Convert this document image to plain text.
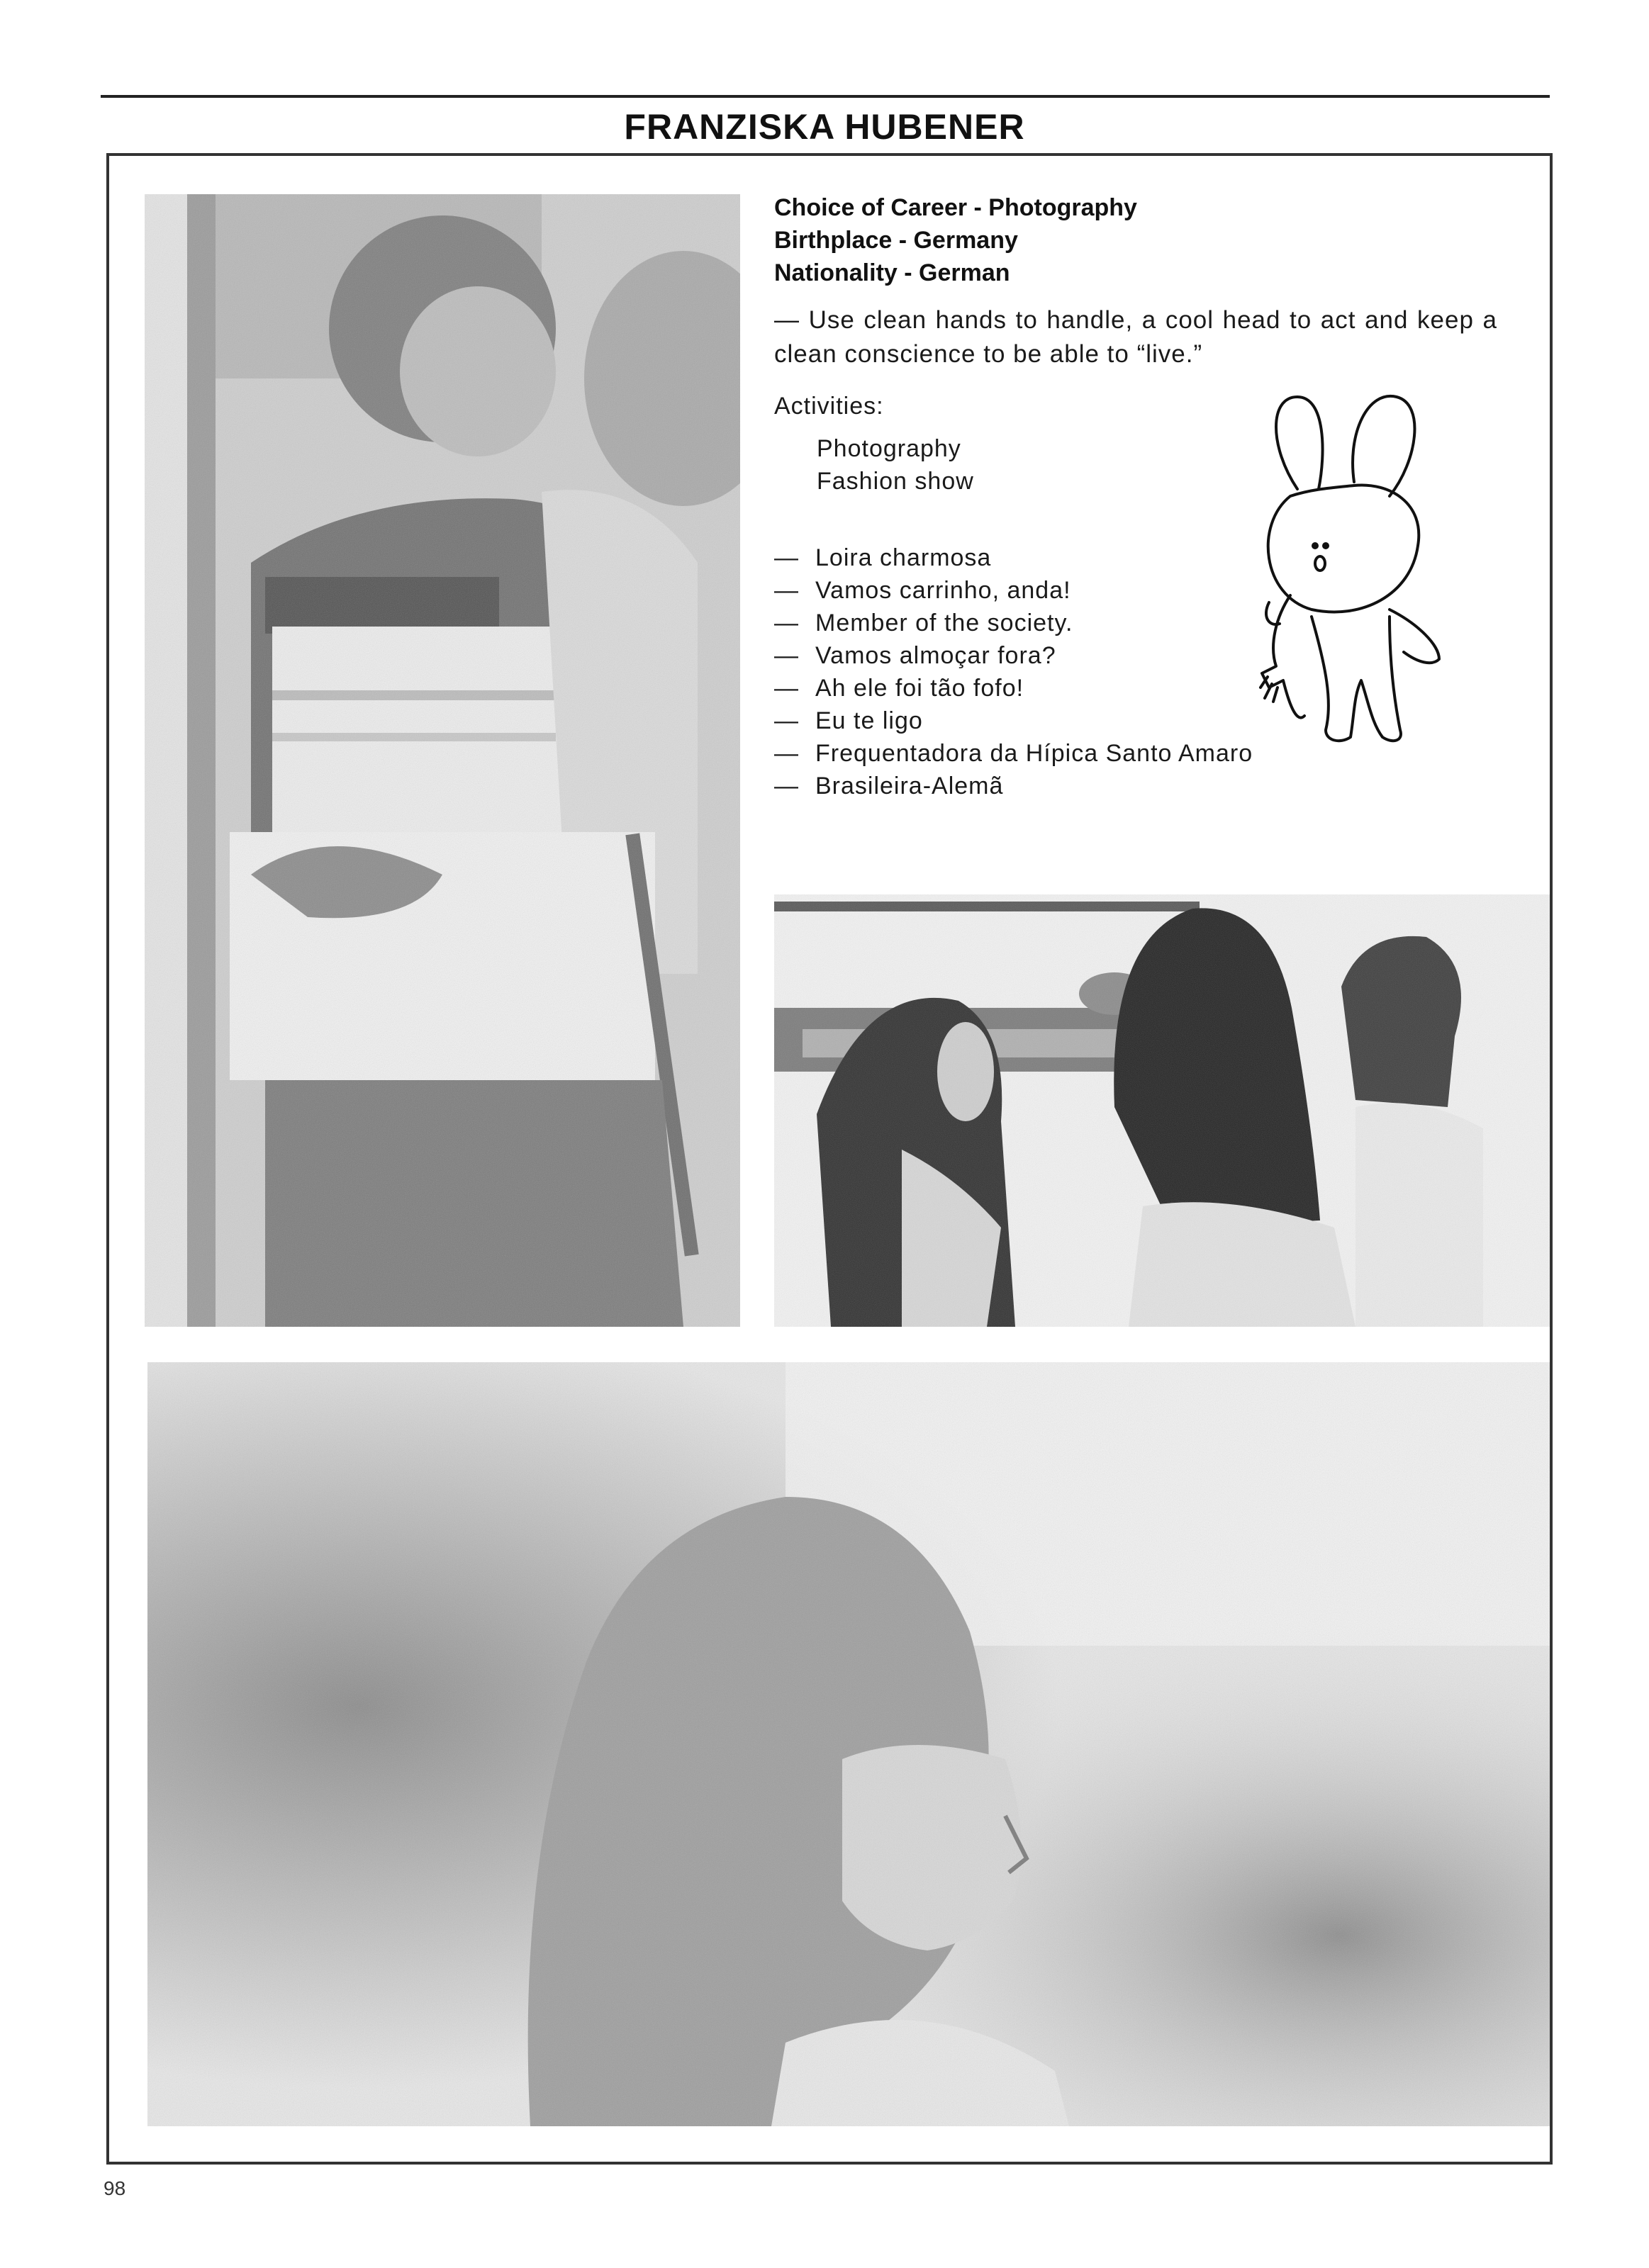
FRANZISKA HUBENER
Choice of Career - Photography
Birthplace - Germany
Nationality - German
— Use clean hands to handle, a cool head to act and keep a clean conscience to be able to “live.”
Activities:
Photography
Fashion show
— Loira charmosa
— Vamos carrinho, anda!
— Member of the society.
— Vamos almoçar fora?
— Ah ele foi tão fofo!
— Eu te ligo
— Frequentadora da Hípica Santo Amaro
— Brasileira-Alemã
98
